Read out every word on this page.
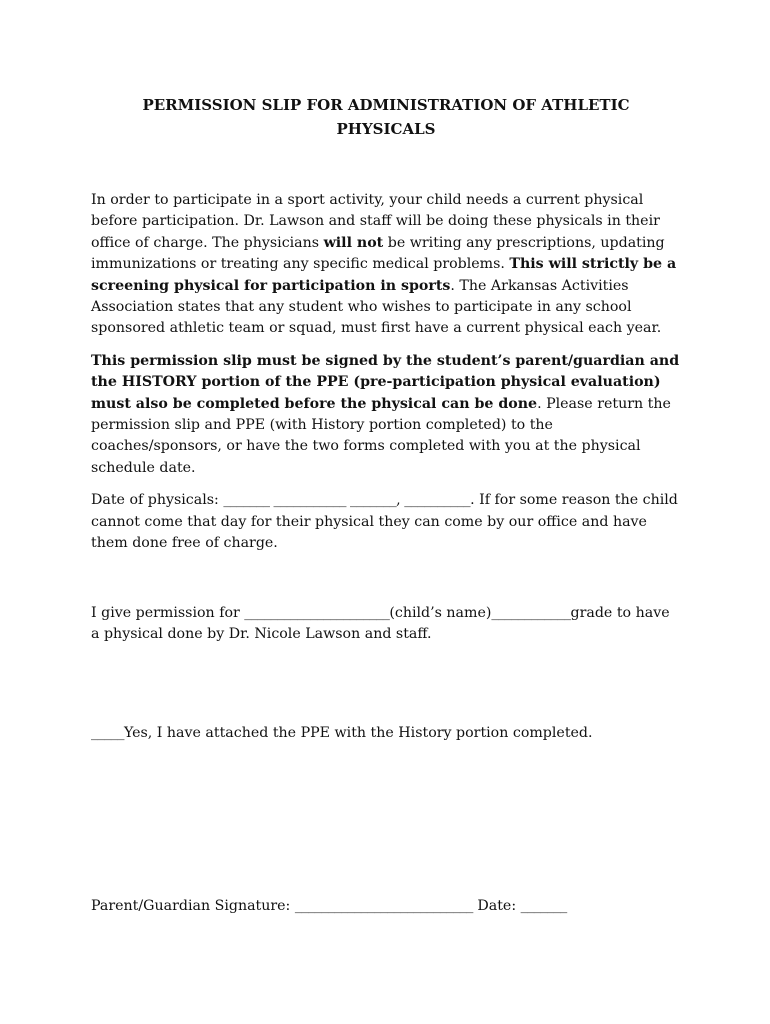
PERMISSION SLIP FOR ADMINISTRATION OF ATHLETIC PHYSICALS

In order to participate in a sport activity, your child needs a current physical before participation. Dr. Lawson and staff will be doing these physicals in their office of charge. The physicians will not be writing any prescriptions, updating immunizations or treating any specific medical problems. This will strictly be a screening physical for participation in sports. The Arkansas Activities Association states that any student who wishes to participate in any school sponsored athletic team or squad, must first have a current physical each year.

This permission slip must be signed by the student’s parent/guardian and the HISTORY portion of the PPE (pre-participation physical evaluation) must also be completed before the physical can be done. Please return the permission slip and PPE (with History portion completed) to the coaches/sponsors, or have the two forms completed with you at the physical schedule date.

Date of physicals: _______ ___________ _______, __________. If for some reason the child cannot come that day for their physical they can come by our office and have them done free of charge.

I give permission for ______________________(child’s name)____________grade to have a physical done by Dr. Nicole Lawson and staff.

_____Yes, I have attached the PPE with the History portion completed.

Parent/Guardian Signature: ___________________________ Date: _______
